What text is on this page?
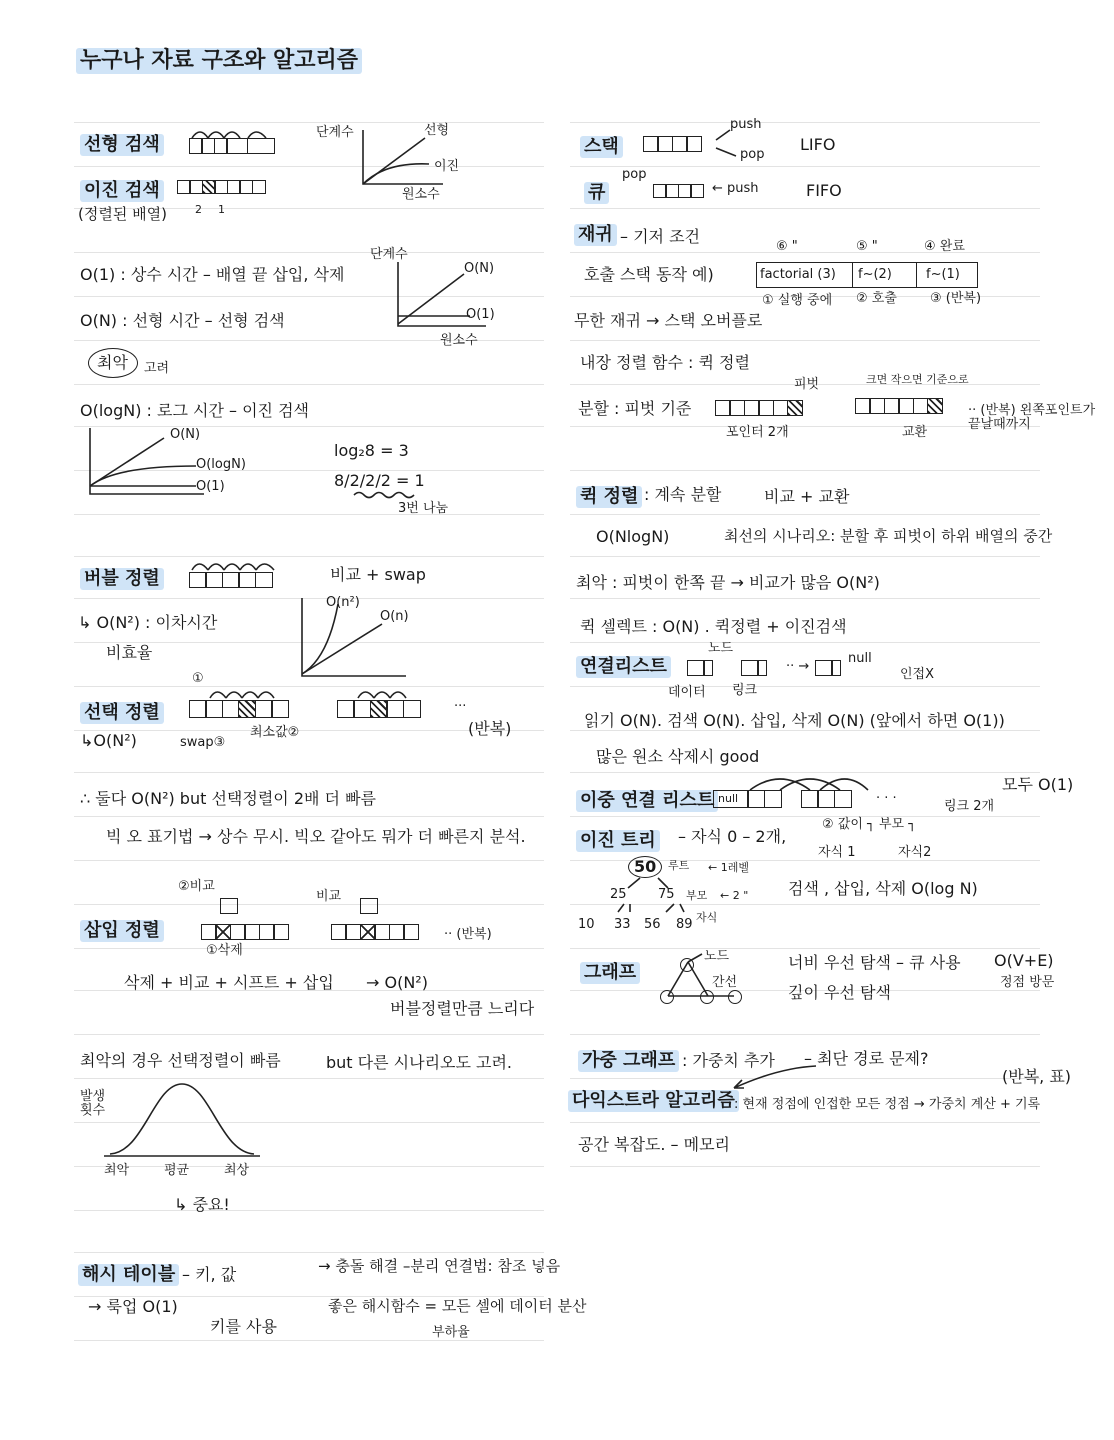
누구나 자료 구조와 알고리즘
선형 검색
이진 검색
(정렬된 배열)	2 1
단계수	선형
이진
원소수
O(1) : 상수 시간 – 배열 끝 삽입, 삭제
O(N) : 선형 시간 – 선형 검색
단계수
O(N)
O(1)
원소수
최악 고려
O(logN) : 로그 시간 – 이진 검색
O(N)
O(logN)
O(1)
log₂8 = 3
8/2/2/2 = 1
3번 나눔
버블 정렬	비교 + swap
↳ O(N²) : 이차시간
비효율
O(n²)
O(n)
선택 정렬
↳O(N²)
①
swap③
최소값②
···
(반복)
∴ 둘다 O(N²) but 선택정렬이 2배 더 빠름
빅 오 표기법 → 상수 무시. 빅오 같아도 뭐가 더 빠른지 분석.
삽입 정렬
②비교
①삭제
비교
·· (반복)
삭제 + 비교 + 시프트 + 삽입 → O(N²)
버블정렬만큼 느리다
최악의 경우 선택정렬이 빠름	but 다른 시나리오도 고려.
발생 횟수
최악	평균	최상
↳ 중요!
해시 테이블 – 키, 값
→ 룩업 O(1)
키를 사용
→ 충돌 해결 –분리 연결법: 참조 넣음
좋은 해시함수 = 모든 셀에 데이터 분산
부하율
스택
push
pop
LIFO
큐
pop
← push	FIFO
재귀 – 기저 조건
호출 스택 동작 예)	factorial (3) f~(2)	f~(1)
⑥ "	⑤ "	④ 완료
① 실행 중에 ② 호출	③ (반복)
무한 재귀 → 스택 오버플로
내장 정렬 함수 : 퀵 정렬
분할 : 피벗 기준
피벗
포인터 2개
크면 작으면 기준으로
교환
·· (반복) 왼쪽포인트가 끝날때까지
퀵 정렬 : 계속 분할	비교 + 교환
O(NlogN)	최선의 시나리오: 분할 후 피벗이 하위 배열의 중간
최악 : 피벗이 한쪽 끝 → 비교가 많음 O(N²)
퀵 셀렉트 : O(N) . 퀵정렬 + 이진검색
연결리스트
노드
·· →
null
인접X
데이터 링크
읽기 O(N). 검색 O(N). 삽입, 삭제 O(N) (앞에서 하면 O(1))
많은 원소 삭제시 good
이중 연결 리스트 null	· · ·
모두 O(1)
링크 2개
이진 트리 – 자식 0 – 2개,
② 값이 ┐ 부모 ┐
자식 1	자식2
50 루트 ← 1레벨
25 75 부모 ← 2 "
10 33 56 89 자식
검색 , 삽입, 삭제 O(log N)
그래프
노드
간선
너비 우선 탐색 – 큐 사용
깊이 우선 탐색
O(V+E)
정점 방문
가중 그래프 : 가중치 추가 – 최단 경로 문제?
다익스트라 알고리즘
(반복, 표)
: 현재 정점에 인접한 모든 정점 → 가중치 계산 + 기록
공간 복잡도. – 메모리
